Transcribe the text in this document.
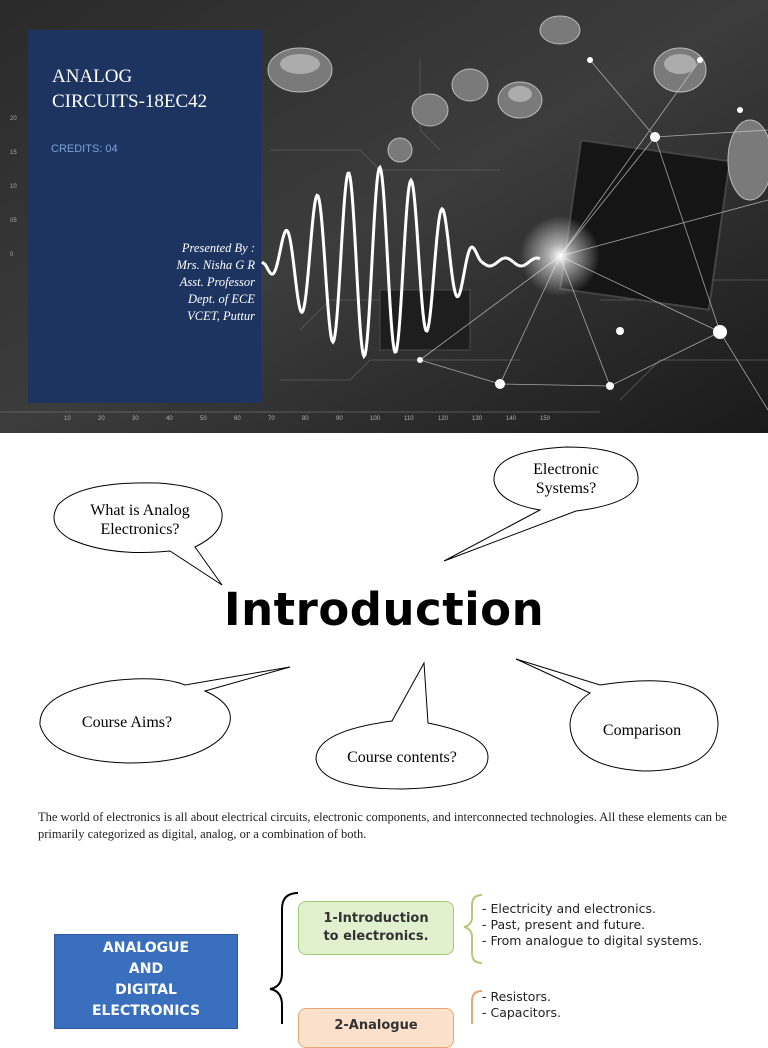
20
15
10
05
0
10	20	30	40	50	60	70	80	90	100	110	120	130	140	150
ANALOG
CIRCUITS-18EC42
CREDITS: 04
Presented By :
Mrs. Nisha G R
Asst. Professor
Dept. of ECE
VCET, Puttur
What is Analog
Electronics?
Electronic
Systems?
Introduction
Course Aims?
Course contents?
Comparison
The world of electronics is all about electrical circuits, electronic components, and interconnected technologies. All these elements can be primarily categorized as digital, analog, or a combination of both.
ANALOGUE
AND
DIGITAL
ELECTRONICS
1-Introduction
to electronics.
- Electricity and electronics.
- Past, present and future.
- From analogue to digital systems.
2-Analogue
- Resistors.
- Capacitors.
